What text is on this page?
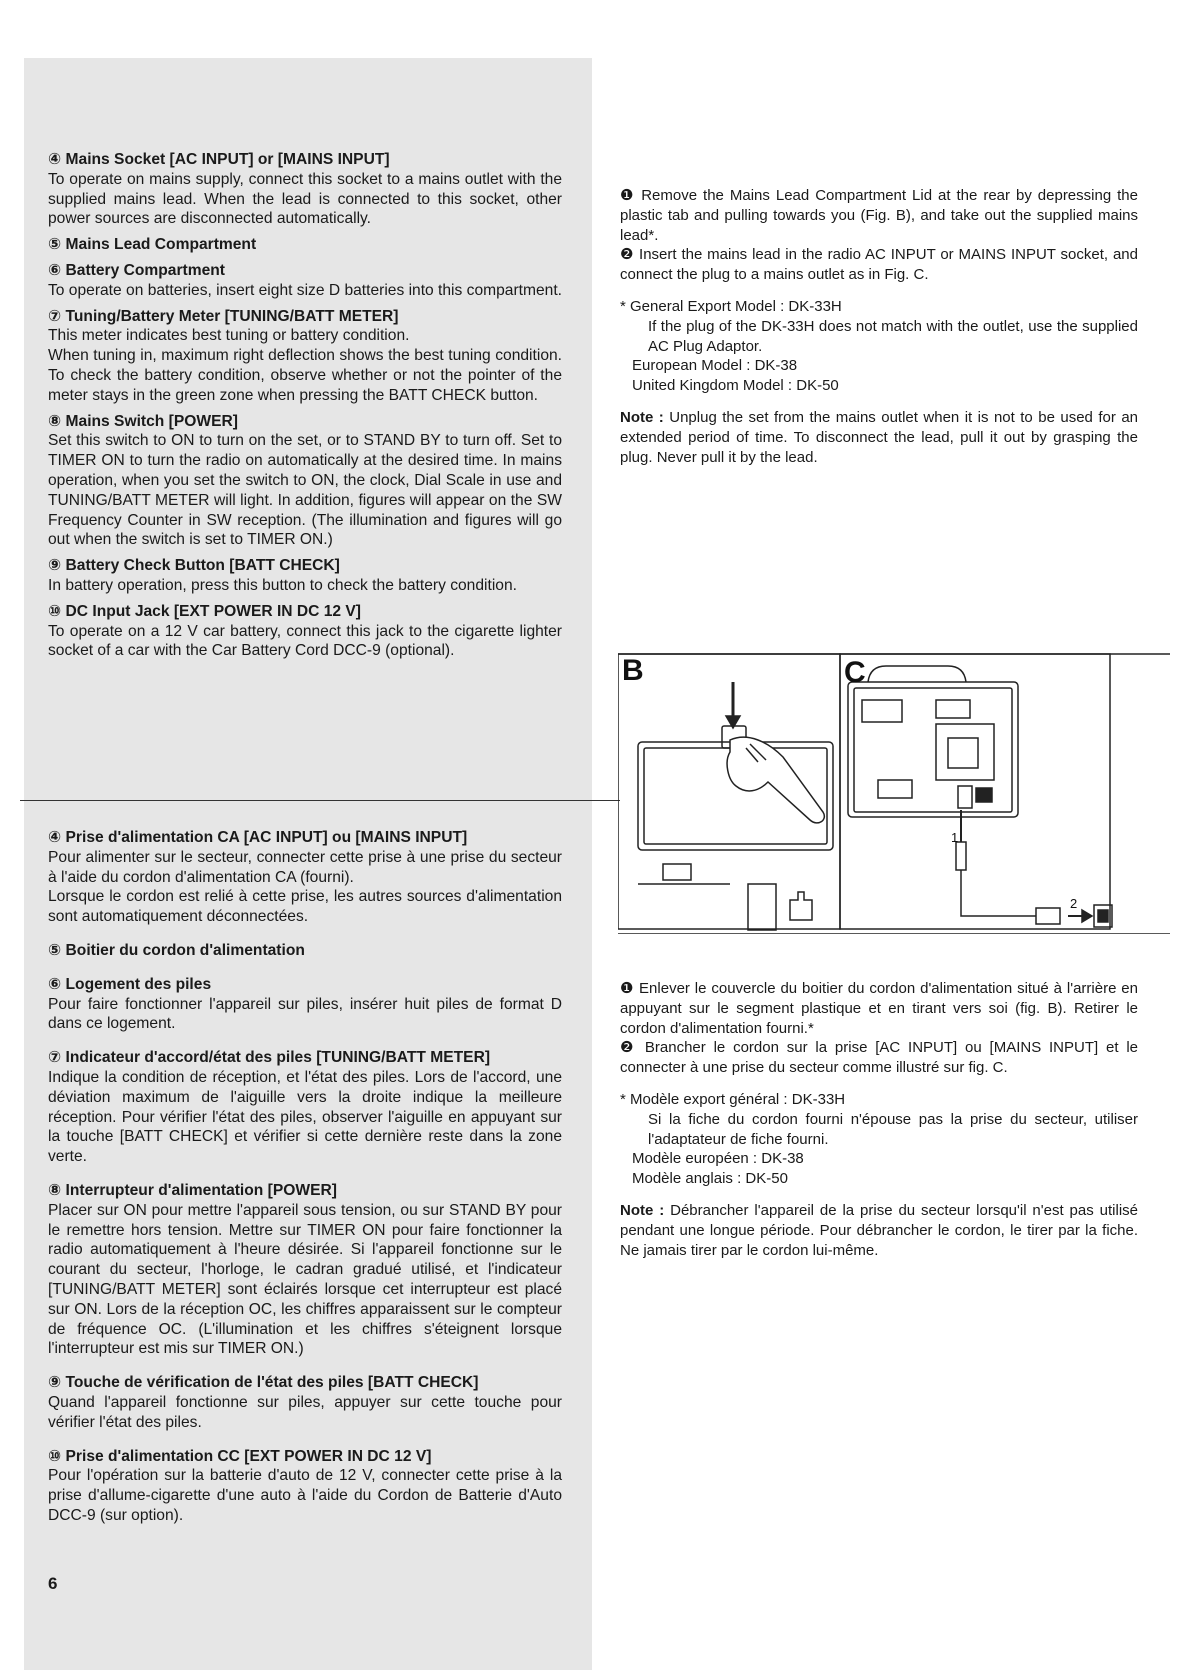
④ Mains Socket [AC INPUT] or [MAINS INPUT]

To operate on mains supply, connect this socket to a mains outlet with the supplied mains lead. When the lead is connected to this socket, other power sources are disconnected automatically.

⑤ Mains Lead Compartment

⑥ Battery Compartment

To operate on batteries, insert eight size D batteries into this compartment.

⑦ Tuning/Battery Meter [TUNING/BATT METER]

This meter indicates best tuning or battery condition.
When tuning in, maximum right deflection shows the best tuning condition. To check the battery condition, observe whether or not the pointer of the meter stays in the green zone when pressing the BATT CHECK button.

⑧ Mains Switch [POWER]

Set this switch to ON to turn on the set, or to STAND BY to turn off. Set to TIMER ON to turn the radio on automatically at the desired time. In mains operation, when you set the switch to ON, the clock, Dial Scale in use and TUNING/BATT METER will light. In addition, figures will appear on the SW Frequency Counter in SW reception. (The illumination and figures will go out when the switch is set to TIMER ON.)

⑨ Battery Check Button [BATT CHECK]

In battery operation, press this button to check the battery condition.

⑩ DC Input Jack [EXT POWER IN DC 12 V]

To operate on a 12 V car battery, connect this jack to the cigarette lighter socket of a car with the Car Battery Cord DCC-9 (optional).

④ Prise d'alimentation CA [AC INPUT] ou [MAINS INPUT]

Pour alimenter sur le secteur, connecter cette prise à une prise du secteur à l'aide du cordon d'alimentation CA (fourni).
Lorsque le cordon est relié à cette prise, les autres sources d'alimentation sont automatiquement déconnectées.

⑤ Boitier du cordon d'alimentation

⑥ Logement des piles

Pour faire fonctionner l'appareil sur piles, insérer huit piles de format D dans ce logement.

⑦ Indicateur d'accord/état des piles [TUNING/BATT METER]

Indique la condition de réception, et l'état des piles. Lors de l'accord, une déviation maximum de l'aiguille vers la droite indique la meilleure réception. Pour vérifier l'état des piles, observer l'aiguille en appuyant sur la touche [BATT CHECK] et vérifier si cette dernière reste dans la zone verte.

⑧ Interrupteur d'alimentation [POWER]

Placer sur ON pour mettre l'appareil sous tension, ou sur STAND BY pour le remettre hors tension. Mettre sur TIMER ON pour faire fonctionner la radio automatiquement à l'heure désirée. Si l'appareil fonctionne sur le courant du secteur, l'horloge, le cadran gradué utilisé, et l'indicateur [TUNING/BATT METER] sont éclairés lorsque cet interrupteur est placé sur ON. Lors de la réception OC, les chiffres apparaissent sur le compteur de fréquence OC. (L'illumination et les chiffres s'éteignent lorsque l'interrupteur est mis sur TIMER ON.)

⑨ Touche de vérification de l'état des piles [BATT CHECK]

Quand l'appareil fonctionne sur piles, appuyer sur cette touche pour vérifier l'état des piles.

⑩ Prise d'alimentation CC [EXT POWER IN DC 12 V]

Pour l'opération sur la batterie d'auto de 12 V, connecter cette prise à la prise d'allume-cigarette d'une auto à l'aide du Cordon de Batterie d'Auto DCC-9 (sur option).

6

❶ Remove the Mains Lead Compartment Lid at the rear by depressing the plastic tab and pulling towards you (Fig. B), and take out the supplied mains lead*.

❷ Insert the mains lead in the radio AC INPUT or MAINS INPUT socket, and connect the plug to a mains outlet as in Fig. C.

* General Export Model : DK-33H

If the plug of the DK-33H does not match with the outlet, use the supplied AC Plug Adaptor.

European Model : DK-38

United Kingdom Model : DK-50

Note : Unplug the set from the mains outlet when it is not to be used for an extended period of time. To disconnect the lead, pull it out by grasping the plug. Never pull it by the lead.

B	C
1
2

❶ Enlever le couvercle du boitier du cordon d'alimentation situé à l'arrière en appuyant sur le segment plastique et en tirant vers soi (fig. B). Retirer le cordon d'alimentation fourni.*

❷ Brancher le cordon sur la prise [AC INPUT] ou [MAINS INPUT] et le connecter à une prise du secteur comme illustré sur fig. C.

* Modèle export général : DK-33H

Si la fiche du cordon fourni n'épouse pas la prise du secteur, utiliser l'adaptateur de fiche fourni.

Modèle européen : DK-38

Modèle anglais : DK-50

Note : Débrancher l'appareil de la prise du secteur lorsqu'il n'est pas utilisé pendant une longue période. Pour débrancher le cordon, le tirer par la fiche. Ne jamais tirer par le cordon lui-même.
